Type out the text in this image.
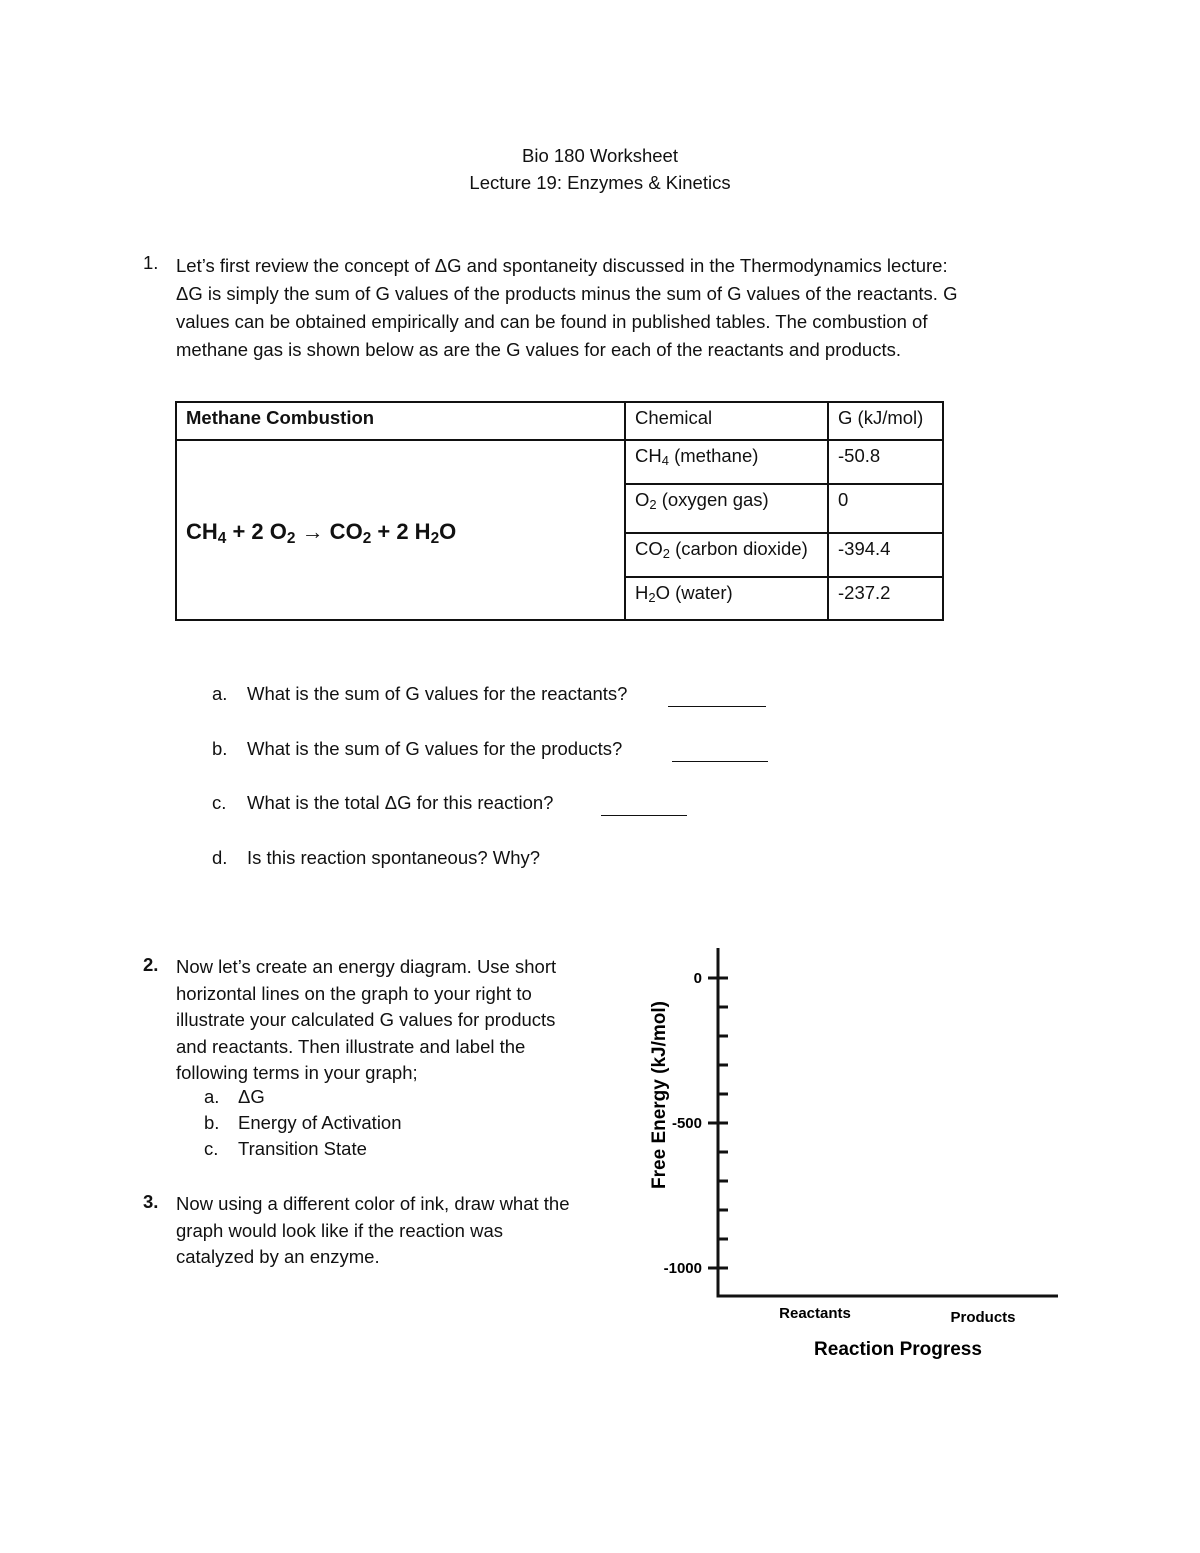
Bio 180 Worksheet
Lecture 19: Enzymes & Kinetics
1. Let’s first review the concept of ΔG and spontaneity discussed in the Thermodynamics lecture:
ΔG is simply the sum of G values of the products minus the sum of G values of the reactants. G
values can be obtained empirically and can be found in published tables. The combustion of
methane gas is shown below as are the G values for each of the reactants and products.
Methane Combustion	Chemical	G (kJ/mol)
$CH_4 + 2$ $O_2 \to CO_2 + 2$ $H_2O$	$CH_4$ (methane)	-50.8
	$O_2$ (oxygen gas)	0
	$CO_2$ (carbon dioxide)	-394.4
	$H_2O$ (water)	-237.2
a. What is the sum of G values for the reactants?
b. What is the sum of G values for the products?
c. What is the total ΔG for this reaction?
d. Is this reaction spontaneous? Why?
2. Now let’s create an energy diagram. Use short
horizontal lines on the graph to your right to
illustrate your calculated G values for products
and reactants. Then illustrate and label the
following terms in your graph;
a. ΔG
b. Energy of Activation
c. Transition State
3. Now using a different color of ink, draw what the
graph would look like if the reaction was
catalyzed by an enzyme.
0
-500
-1000
Reactants	Products
Free Energy (kJ/mol)
Reaction Progress
